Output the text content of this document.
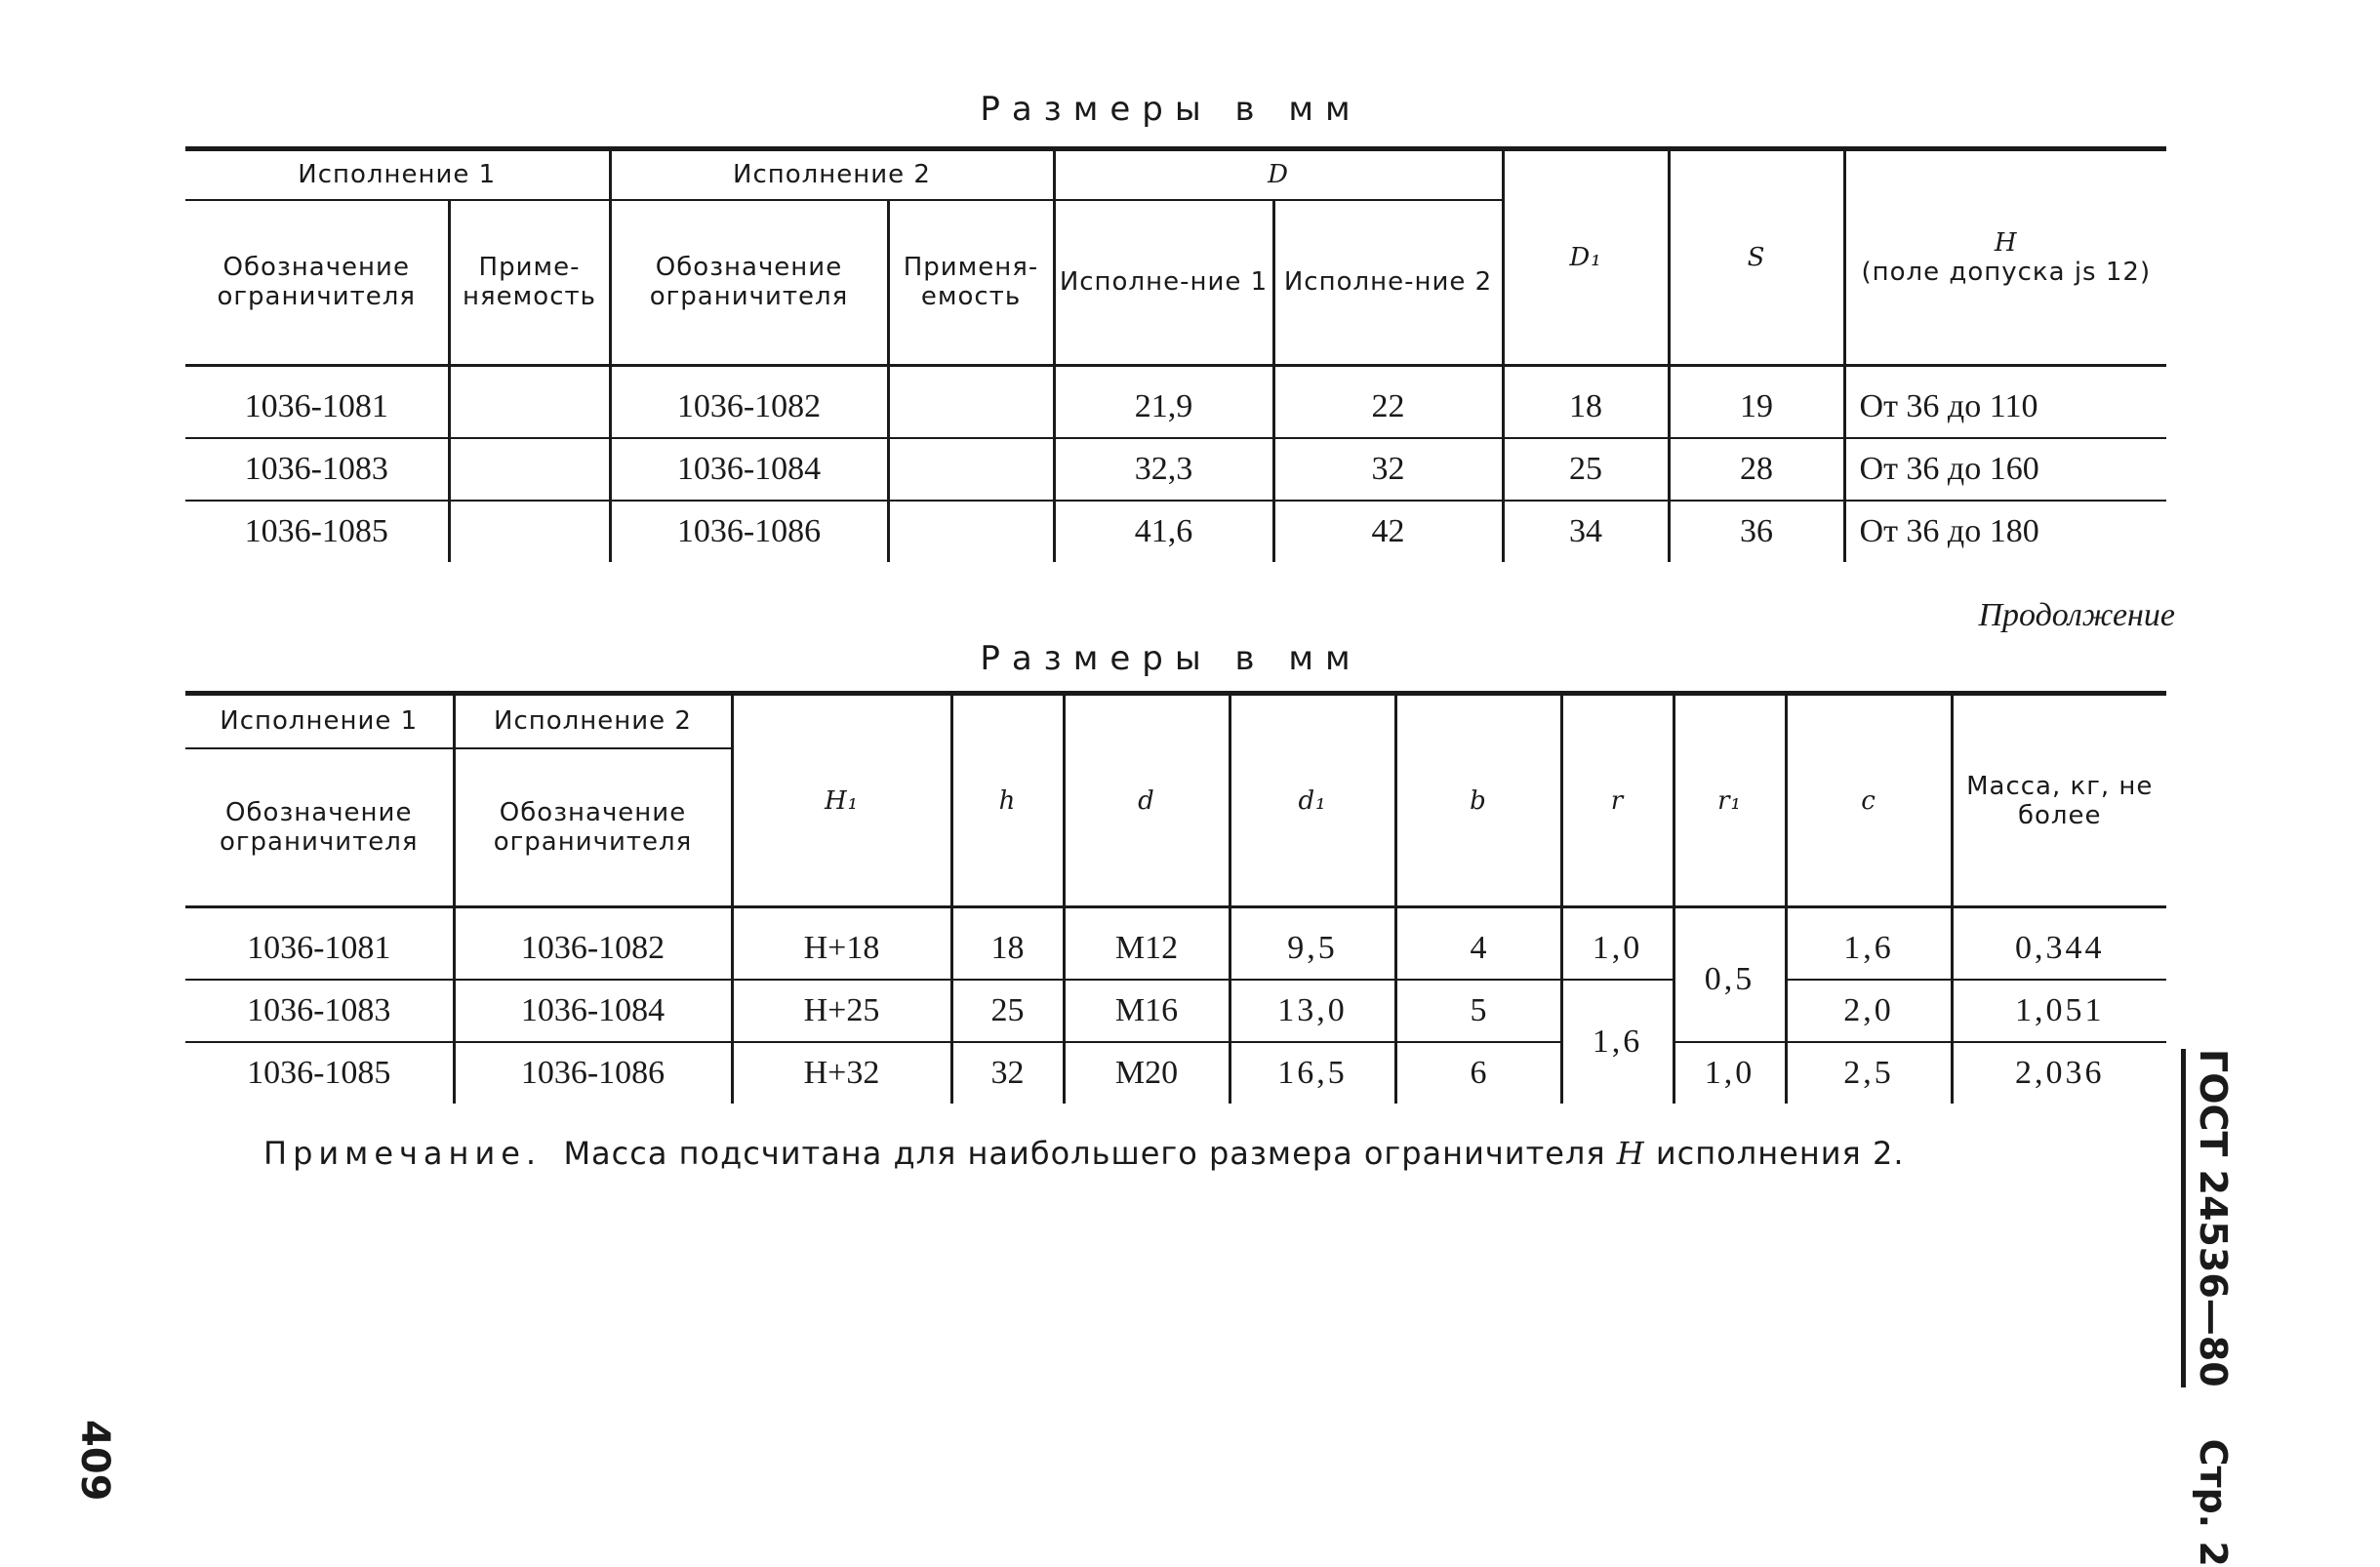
Размеры в мм
Исполнение 1		Исполнение 2		D		D₁	S	H
(поле допуска js 12)
Обозначение ограничителя	Приме-няемость	Обозначение ограничителя	Применя-емость	Исполне-ние 1	Исполне-ние 2			
1036-1081		1036-1082		21,9	22	18	19	От 36 до 110
1036-1083		1036-1084		32,3	32	25	28	От 36 до 160
1036-1085		1036-1086		41,6	42	34	36	От 36 до 180
Продолжение
Размеры в мм
Исполнение 1	Исполнение 2	H₁	h	d	d₁	b	r	r₁	c	Масса, кг, не более
Обозначение ограничителя	Обозначение ограничителя									
1036-1081	1036-1082	H+18	18	M12	9,5	4	1,0	0,5	1,6	0,344
1036-1083	1036-1084	H+25	25	M16	13,0	5	1,6		2,0	1,051
1036-1085	1036-1086	H+32	32	M20	16,5	6		1,0	2,5	2,036
Примечание. Масса подсчитана для наибольшего размера ограничителя H исполнения 2.
409
ГОСТ 24536—80    Стр. 2
